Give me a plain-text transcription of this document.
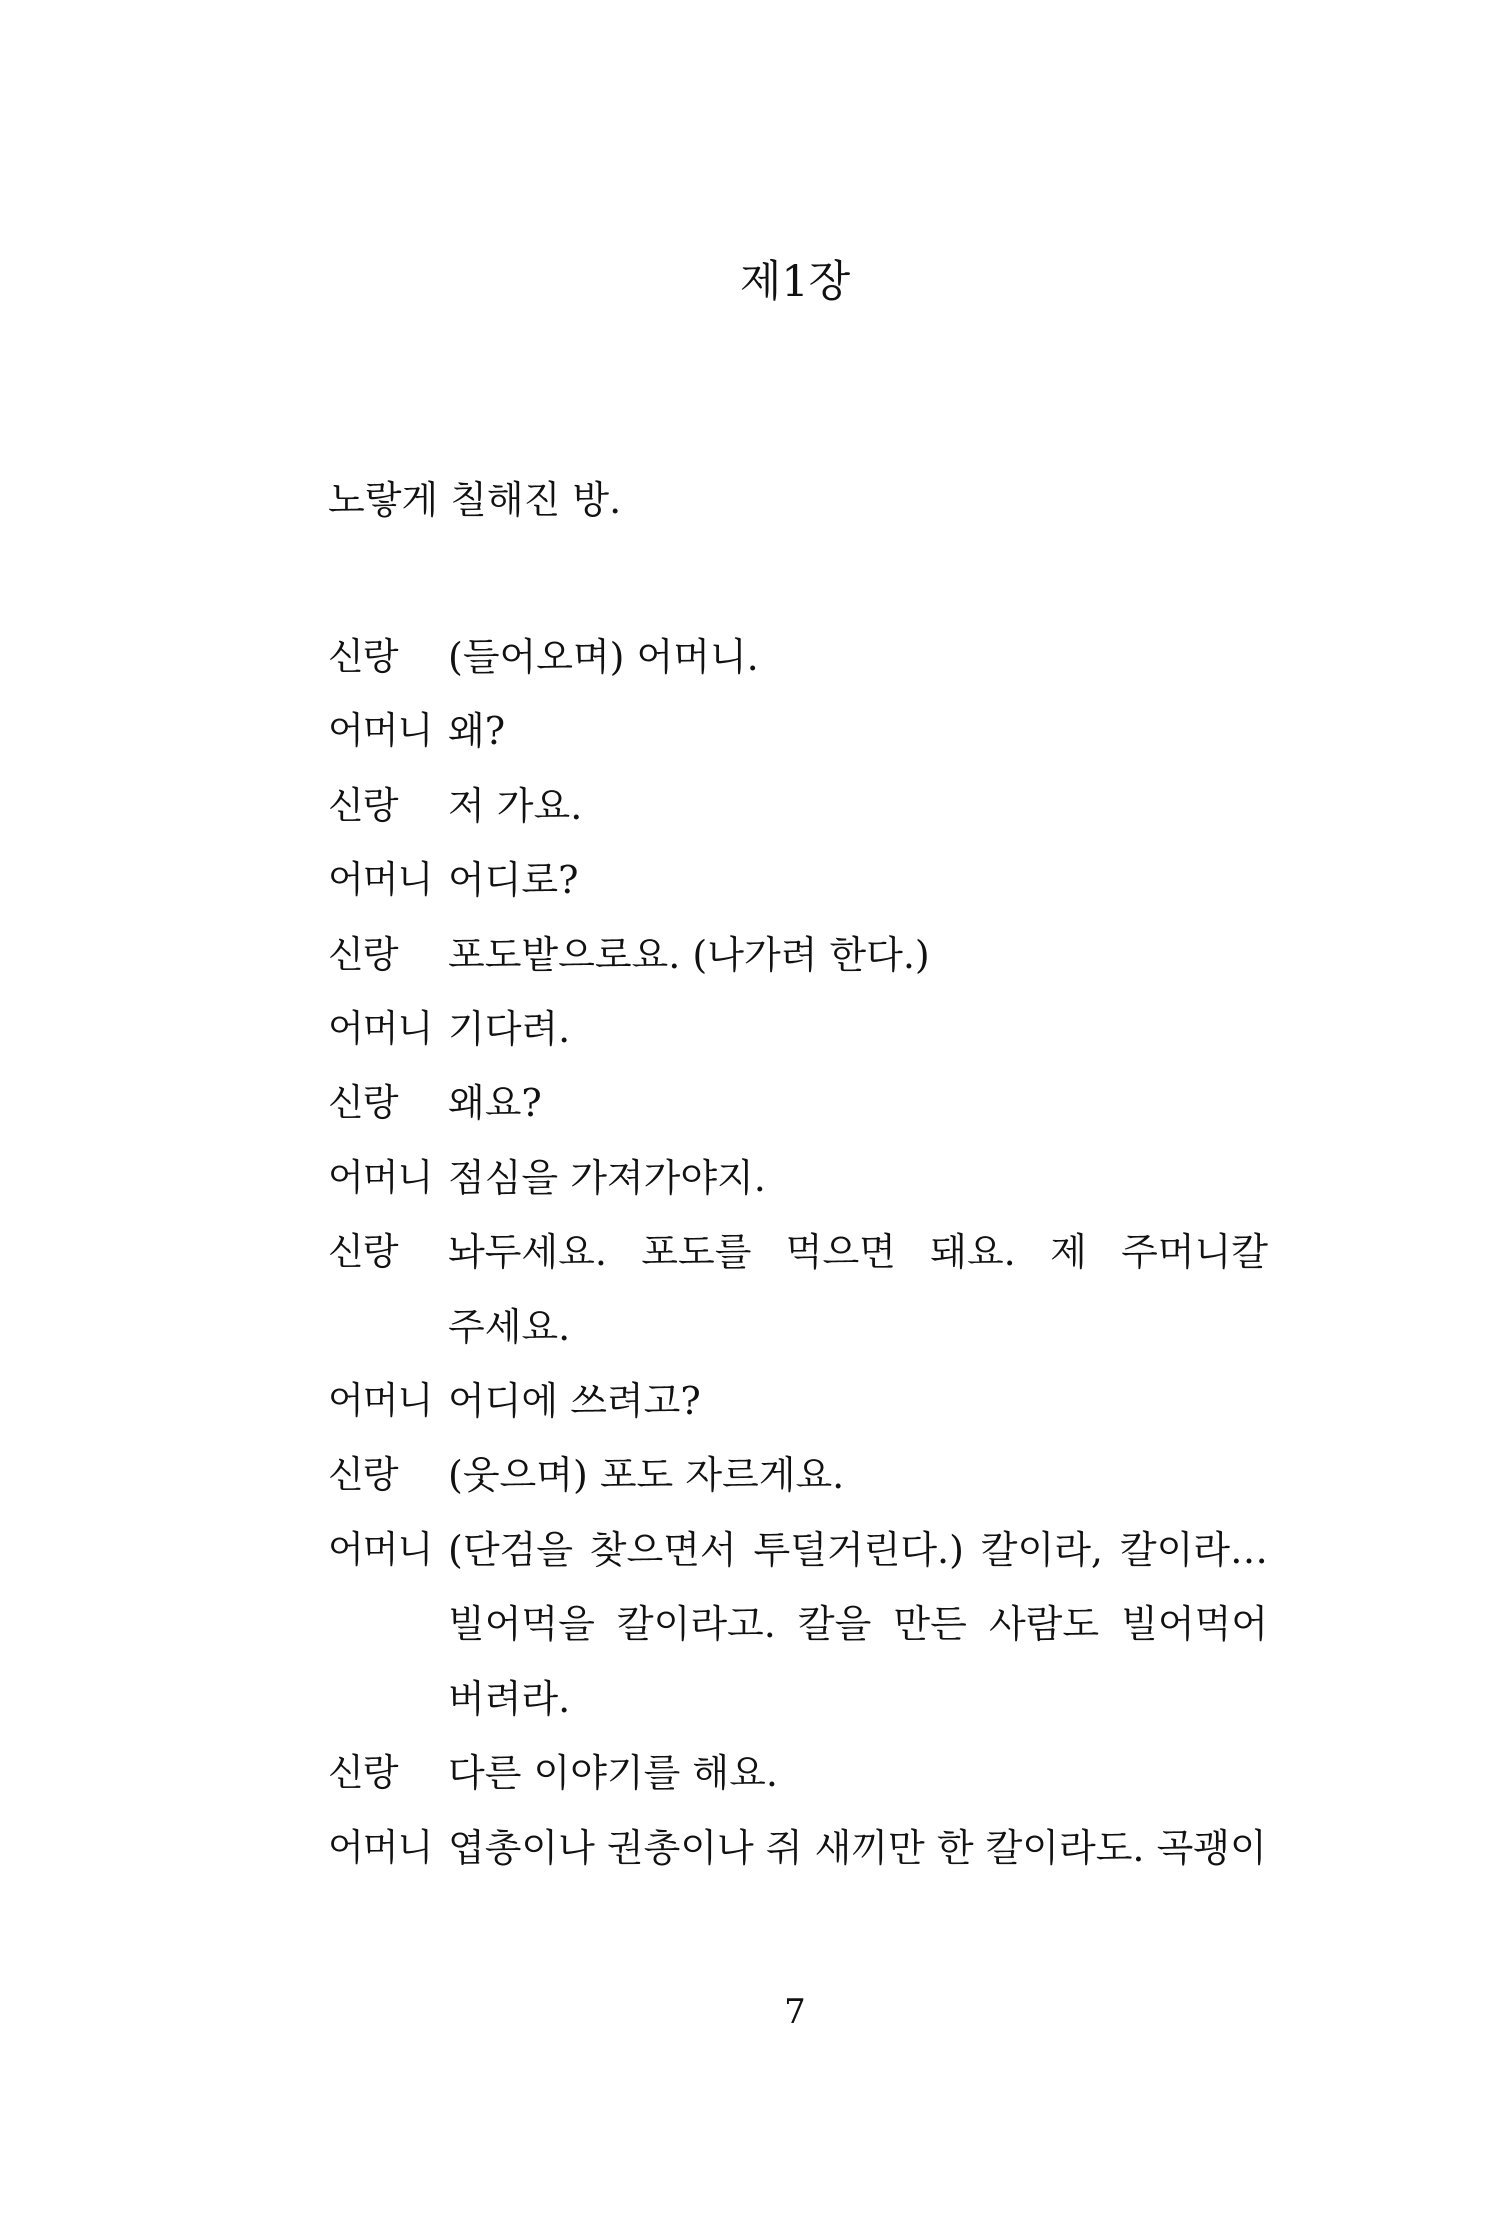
제1장

노랗게 칠해진 방.

신랑	(들어오며) 어머니.
어머니 왜?
신랑	저 가요.
어머니 어디로?
신랑	포도밭으로요. (나가려 한다.)
어머니 기다려.
신랑	왜요?
어머니 점심을 가져가야지.
신랑	놔두세요. 포도를 먹으면 돼요. 제 주머니칼 주세요.
어머니 어디에 쓰려고?
신랑	(웃으며) 포도 자르게요.
어머니 (단검을 찾으면서 투덜거린다.) 칼이라, 칼이라… 빌어먹을 칼이라고. 칼을 만든 사람도 빌어먹어 버려라.
신랑	다른 이야기를 해요.
어머니 엽총이나 권총이나 쥐 새끼만 한 칼이라도. 곡괭이

7
